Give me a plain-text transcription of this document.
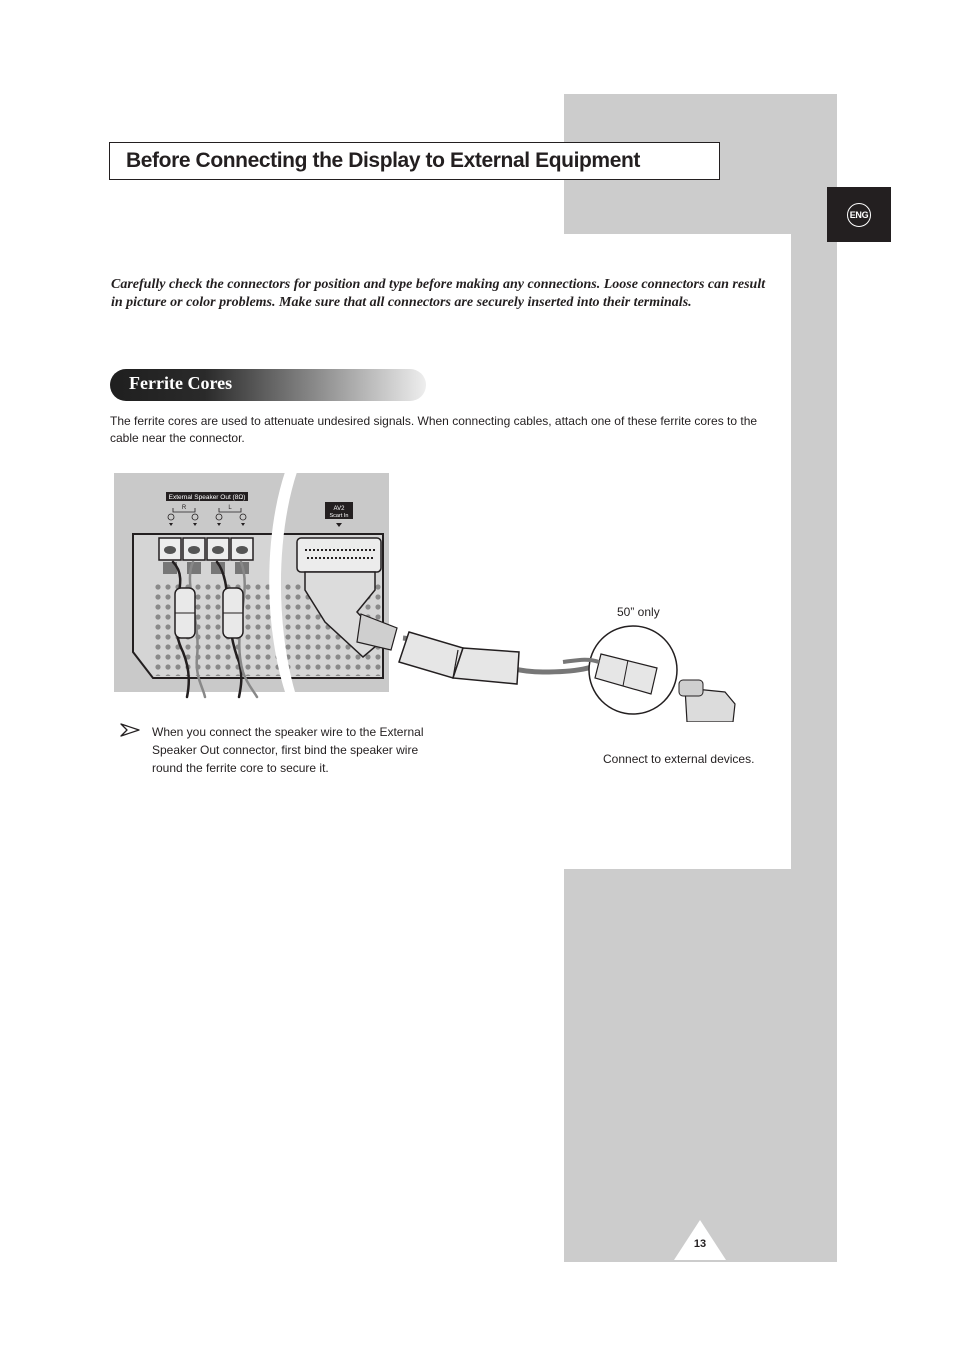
ENG
Before Connecting the Display to External Equipment

Carefully check the connectors for position and type before making any connections. Loose connectors can result in picture or color problems. Make sure that all connectors are securely inserted into their terminals.

Ferrite Cores

The ferrite cores are used to attenuate undesired signals. When connecting cables, attach one of these ferrite cores to the cable near the connector.

External Speaker Out (8Ω)
R	L	AV2
Scart In
50” only
Connect to external devices.

When you connect the speaker wire to the External Speaker Out connector, first bind the speaker wire round the ferrite core to secure it.

13
